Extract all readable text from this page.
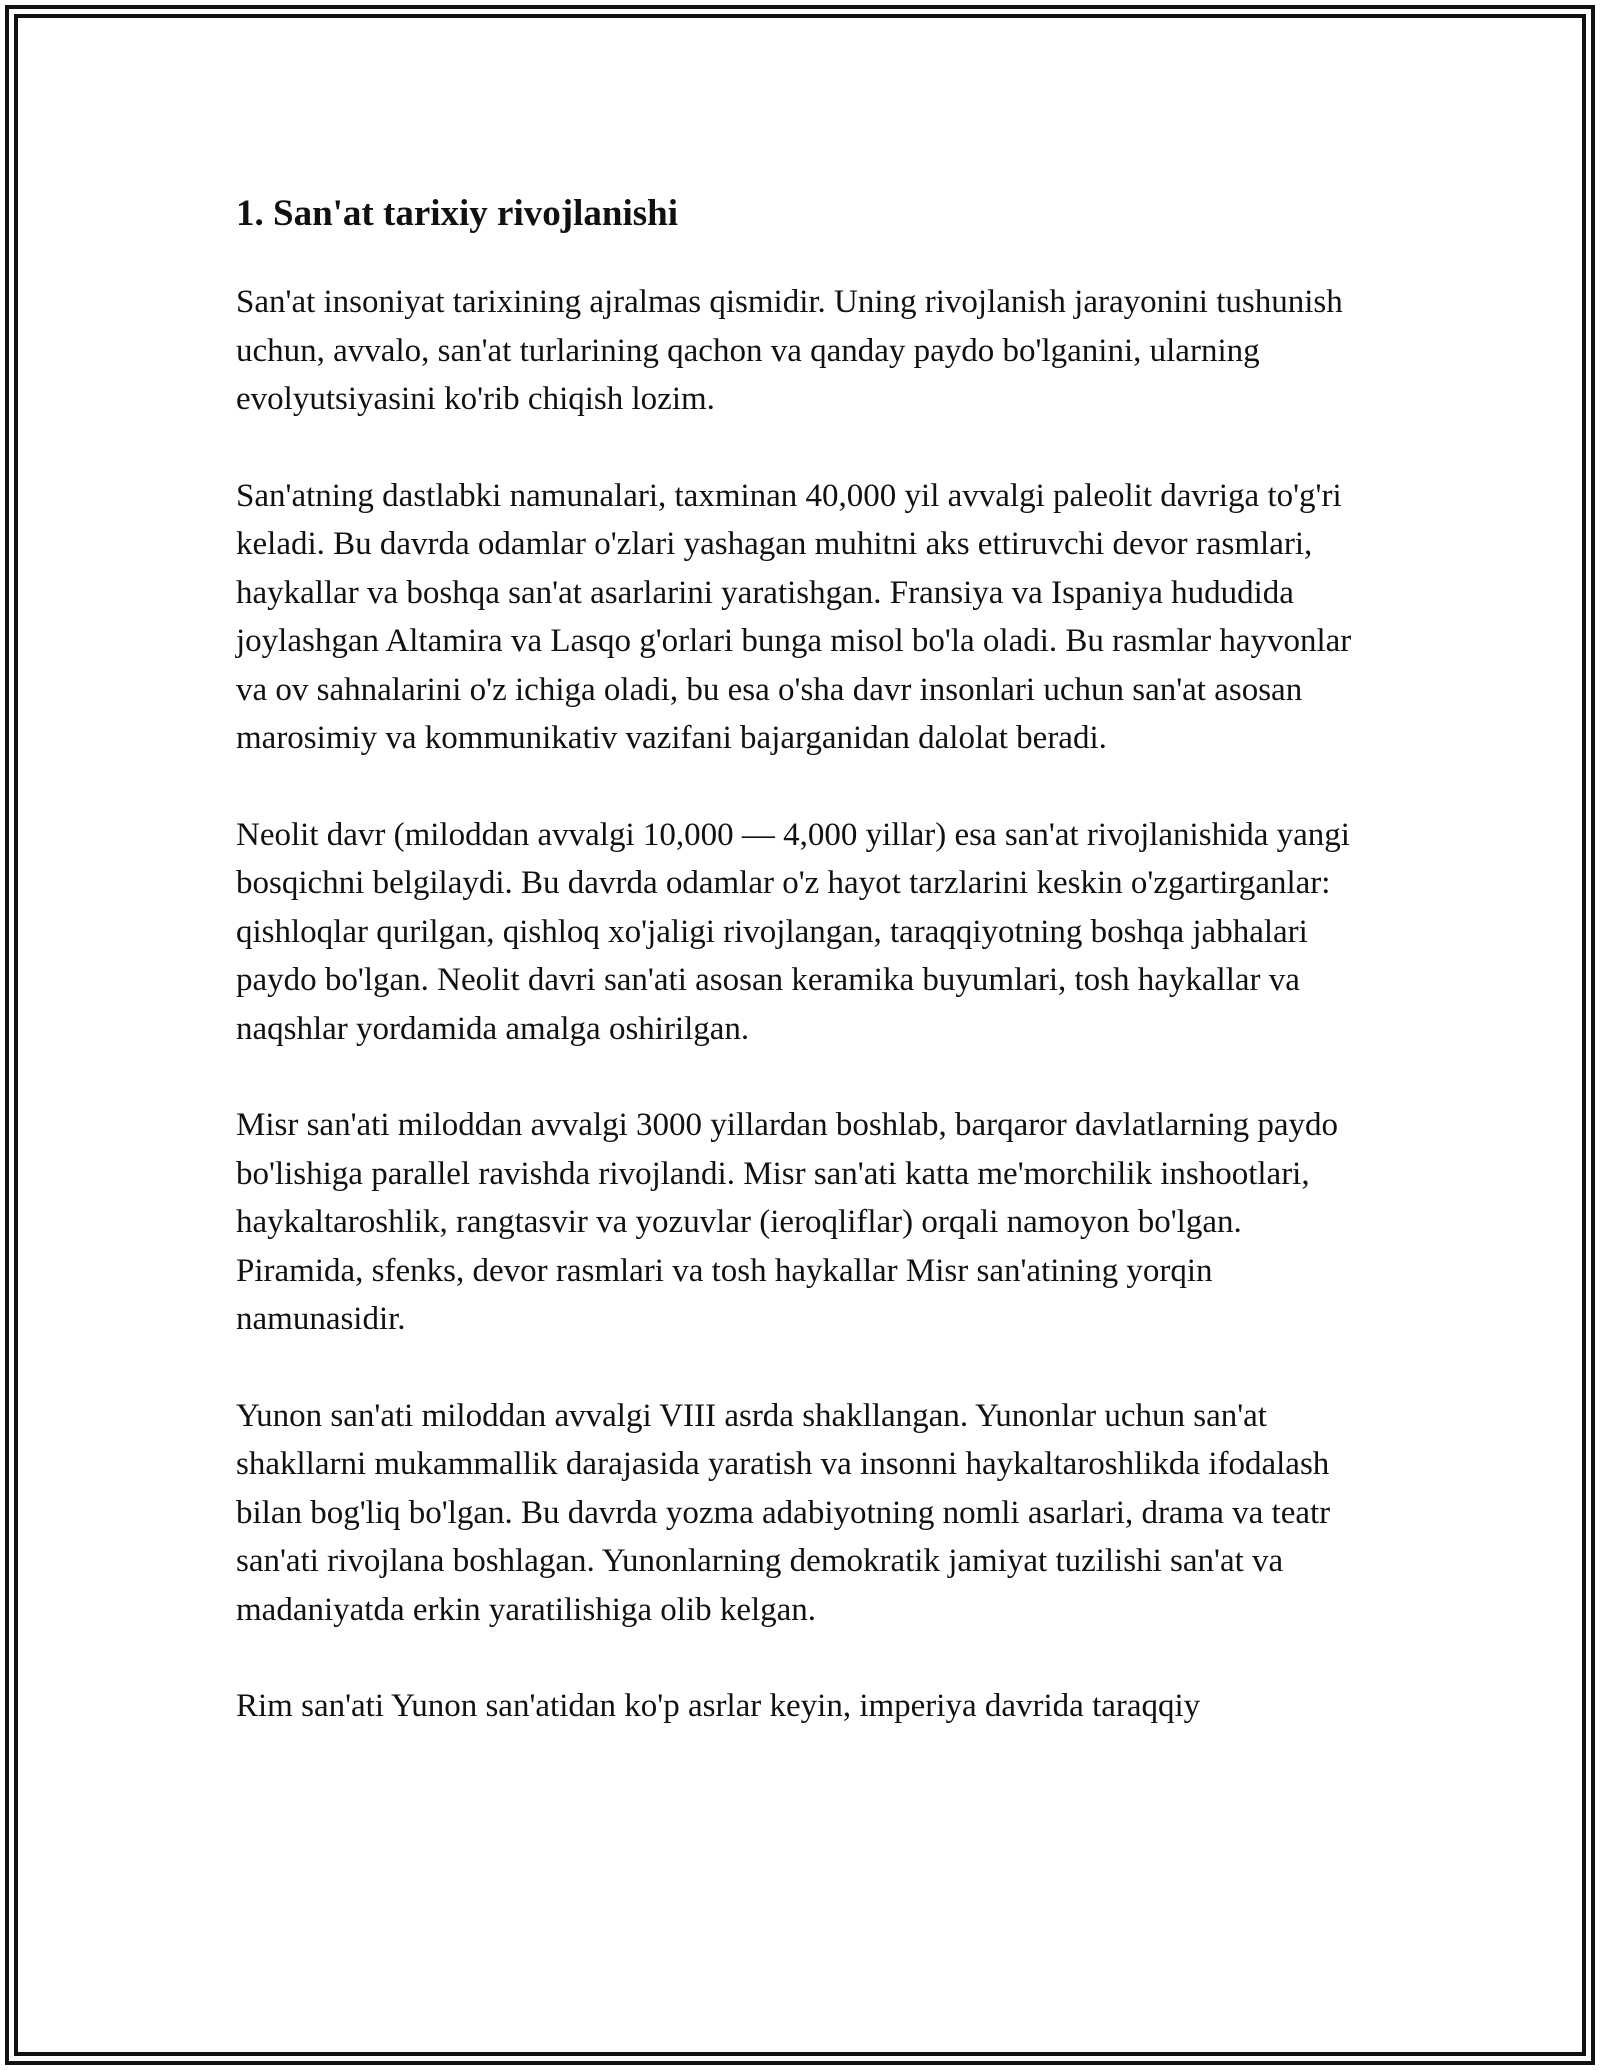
1. San'at tarixiy rivojlanishi

San'at insoniyat tarixining ajralmas qismidir. Uning rivojlanish jarayonini tushunish uchun, avvalo, san'at turlarining qachon va qanday paydo bo'lganini, ularning evolyutsiyasini ko'rib chiqish lozim.

San'atning dastlabki namunalari, taxminan 40,000 yil avvalgi paleolit davriga to'g'ri keladi. Bu davrda odamlar o'zlari yashagan muhitni aks ettiruvchi devor rasmlari, haykallar va boshqa san'at asarlarini yaratishgan. Fransiya va Ispaniya hududida joylashgan Altamira va Lasqo g'orlari bunga misol bo'la oladi. Bu rasmlar hayvonlar va ov sahnalarini o'z ichiga oladi, bu esa o'sha davr insonlari uchun san'at asosan marosimiy va kommunikativ vazifani bajarganidan dalolat beradi.

Neolit davr (miloddan avvalgi 10,000 — 4,000 yillar) esa san'at rivojlanishida yangi bosqichni belgilaydi. Bu davrda odamlar o'z hayot tarzlarini keskin o'zgartirganlar: qishloqlar qurilgan, qishloq xo'jaligi rivojlangan, taraqqiyotning boshqa jabhalari paydo bo'lgan. Neolit davri san'ati asosan keramika buyumlari, tosh haykallar va naqshlar yordamida amalga oshirilgan.

Misr san'ati miloddan avvalgi 3000 yillardan boshlab, barqaror davlatlarning paydo bo'lishiga parallel ravishda rivojlandi. Misr san'ati katta me'morchilik inshootlari, haykaltaroshlik, rangtasvir va yozuvlar (ieroqliflar) orqali namoyon bo'lgan. Piramida, sfenks, devor rasmlari va tosh haykallar Misr san'atining yorqin namunasidir.

Yunon san'ati miloddan avvalgi VIII asrda shakllangan. Yunonlar uchun san'at shakllarni mukammallik darajasida yaratish va insonni haykaltaroshlikda ifodalash bilan bog'liq bo'lgan. Bu davrda yozma adabiyotning nomli asarlari, drama va teatr san'ati rivojlana boshlagan. Yunonlarning demokratik jamiyat tuzilishi san'at va madaniyatda erkin yaratilishiga olib kelgan.

Rim san'ati Yunon san'atidan ko'p asrlar keyin, imperiya davrida taraqqiy
